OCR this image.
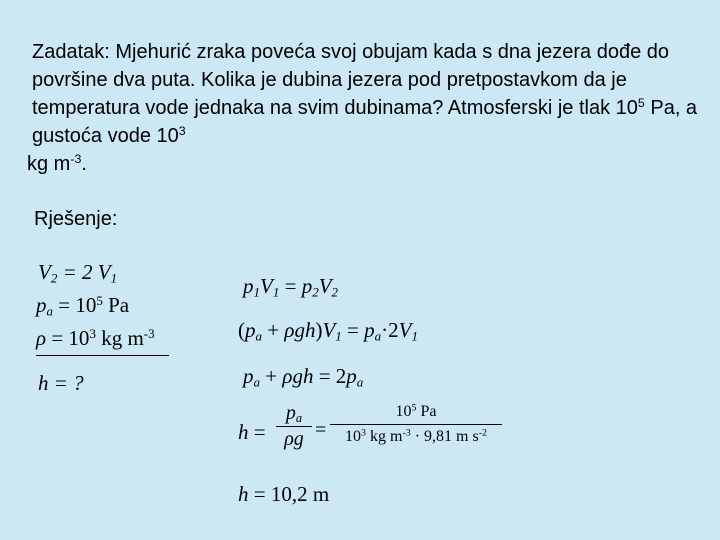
Zadatak: Mjehurić zraka poveća svoj obujam kada s dna jezera dođe do površine dva puta. Kolika je dubina jezera pod pretpostavkom da je temperatura vode jednaka na svim dubinama? Atmosferski je tlak $10^5$ Pa, a gustoća vode $10^3$
kg $m^{-3}$.
Rješenje:
$V_2 = 2$ $V_1$
$p_a = 10^5$ Pa
$\rho = 10^3$ kg $m^{-3}$
h = ?
$p_1V_1 = p_2V_2$
$(p_a + \rho gh)V_1 = p_a\cdot 2V_1$
$p_a + \rho gh = 2p_a$
h =
$p_a$
ρg =
$10^5$ Pa
$10^3$ kg $m^{-3} \cdot 9,81$ m $s^{-2}$
h = 10,2 m
